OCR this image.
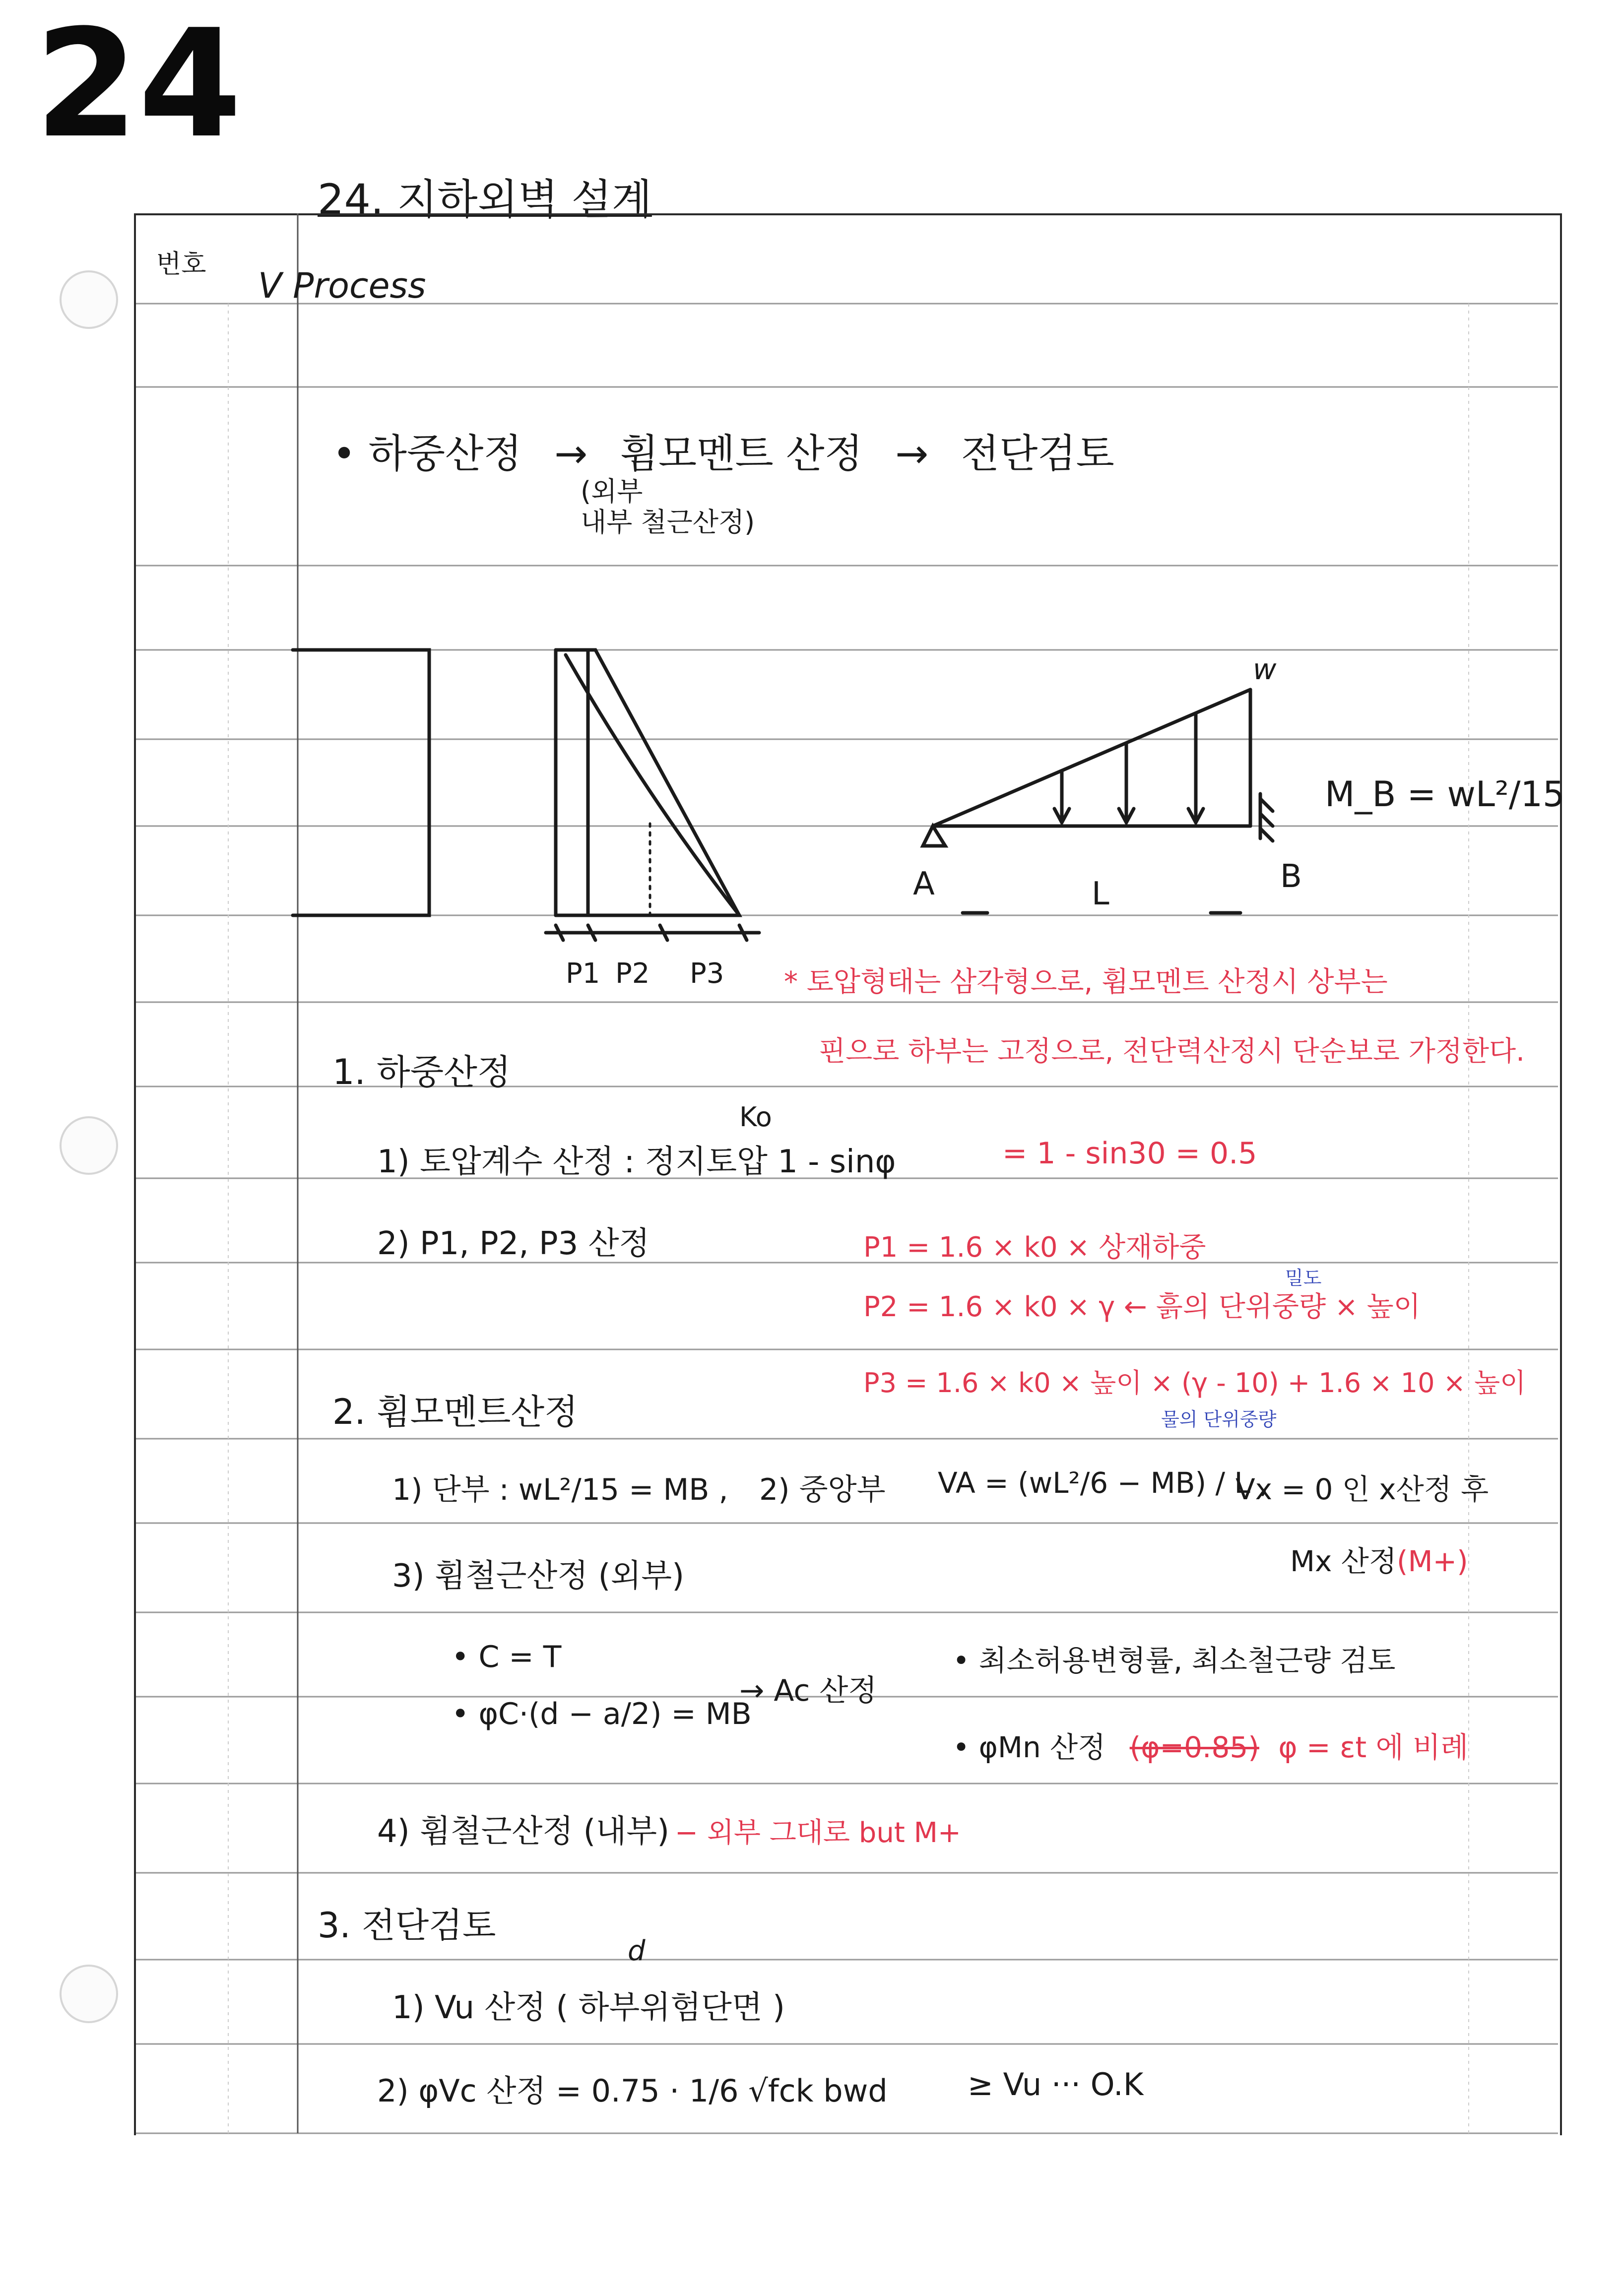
24
24. 지하외벽 설계
번호
V Process
• 하중산정 → 휨모멘트 산정 → 전단검토
(외부
내부 철근산정)
w
A	L	B
M_B = wL²/15
P1 P2 P3 * 토압형태는 삼각형으로, 휨모멘트 산정시 상부는
핀으로 하부는 고정으로, 전단력산정시 단순보로 가정한다.
1. 하중산정
Ko
1) 토압계수 산정 : 정지토압 1 - sinφ	= 1 - sin30 = 0.5
2) P1, P2, P3 산정	P1 = 1.6 × k0 × 상재하중
밀도
P2 = 1.6 × k0 × γ ← 흙의 단위중량 × 높이
P3 = 1.6 × k0 × 높이 × (γ - 10) + 1.6 × 10 × 높이
물의 단위중량
2. 휨모멘트산정
1) 단부 : wL²/15 = MB , 2) 중앙부 VA = (wL²/6 − MB) / L ,
Vx = 0 인 x산정 후
Mx 산정(M+)
3) 휨철근산정 (외부)
• C = T
• φC·(d − a/2) = MB
→ Ac 산정
• 최소허용변형률, 최소철근량 검토
• φMn 산정 (φ=0.85) φ = εt 에 비례
4) 휨철근산정 (내부) − 외부 그대로 but M+
3. 전단검토
d
1) Vu 산정 ( 하부위험단면 )
2) φVc 산정 = 0.75 · 1/6 √fck bwd	≥ Vu ··· O.K
